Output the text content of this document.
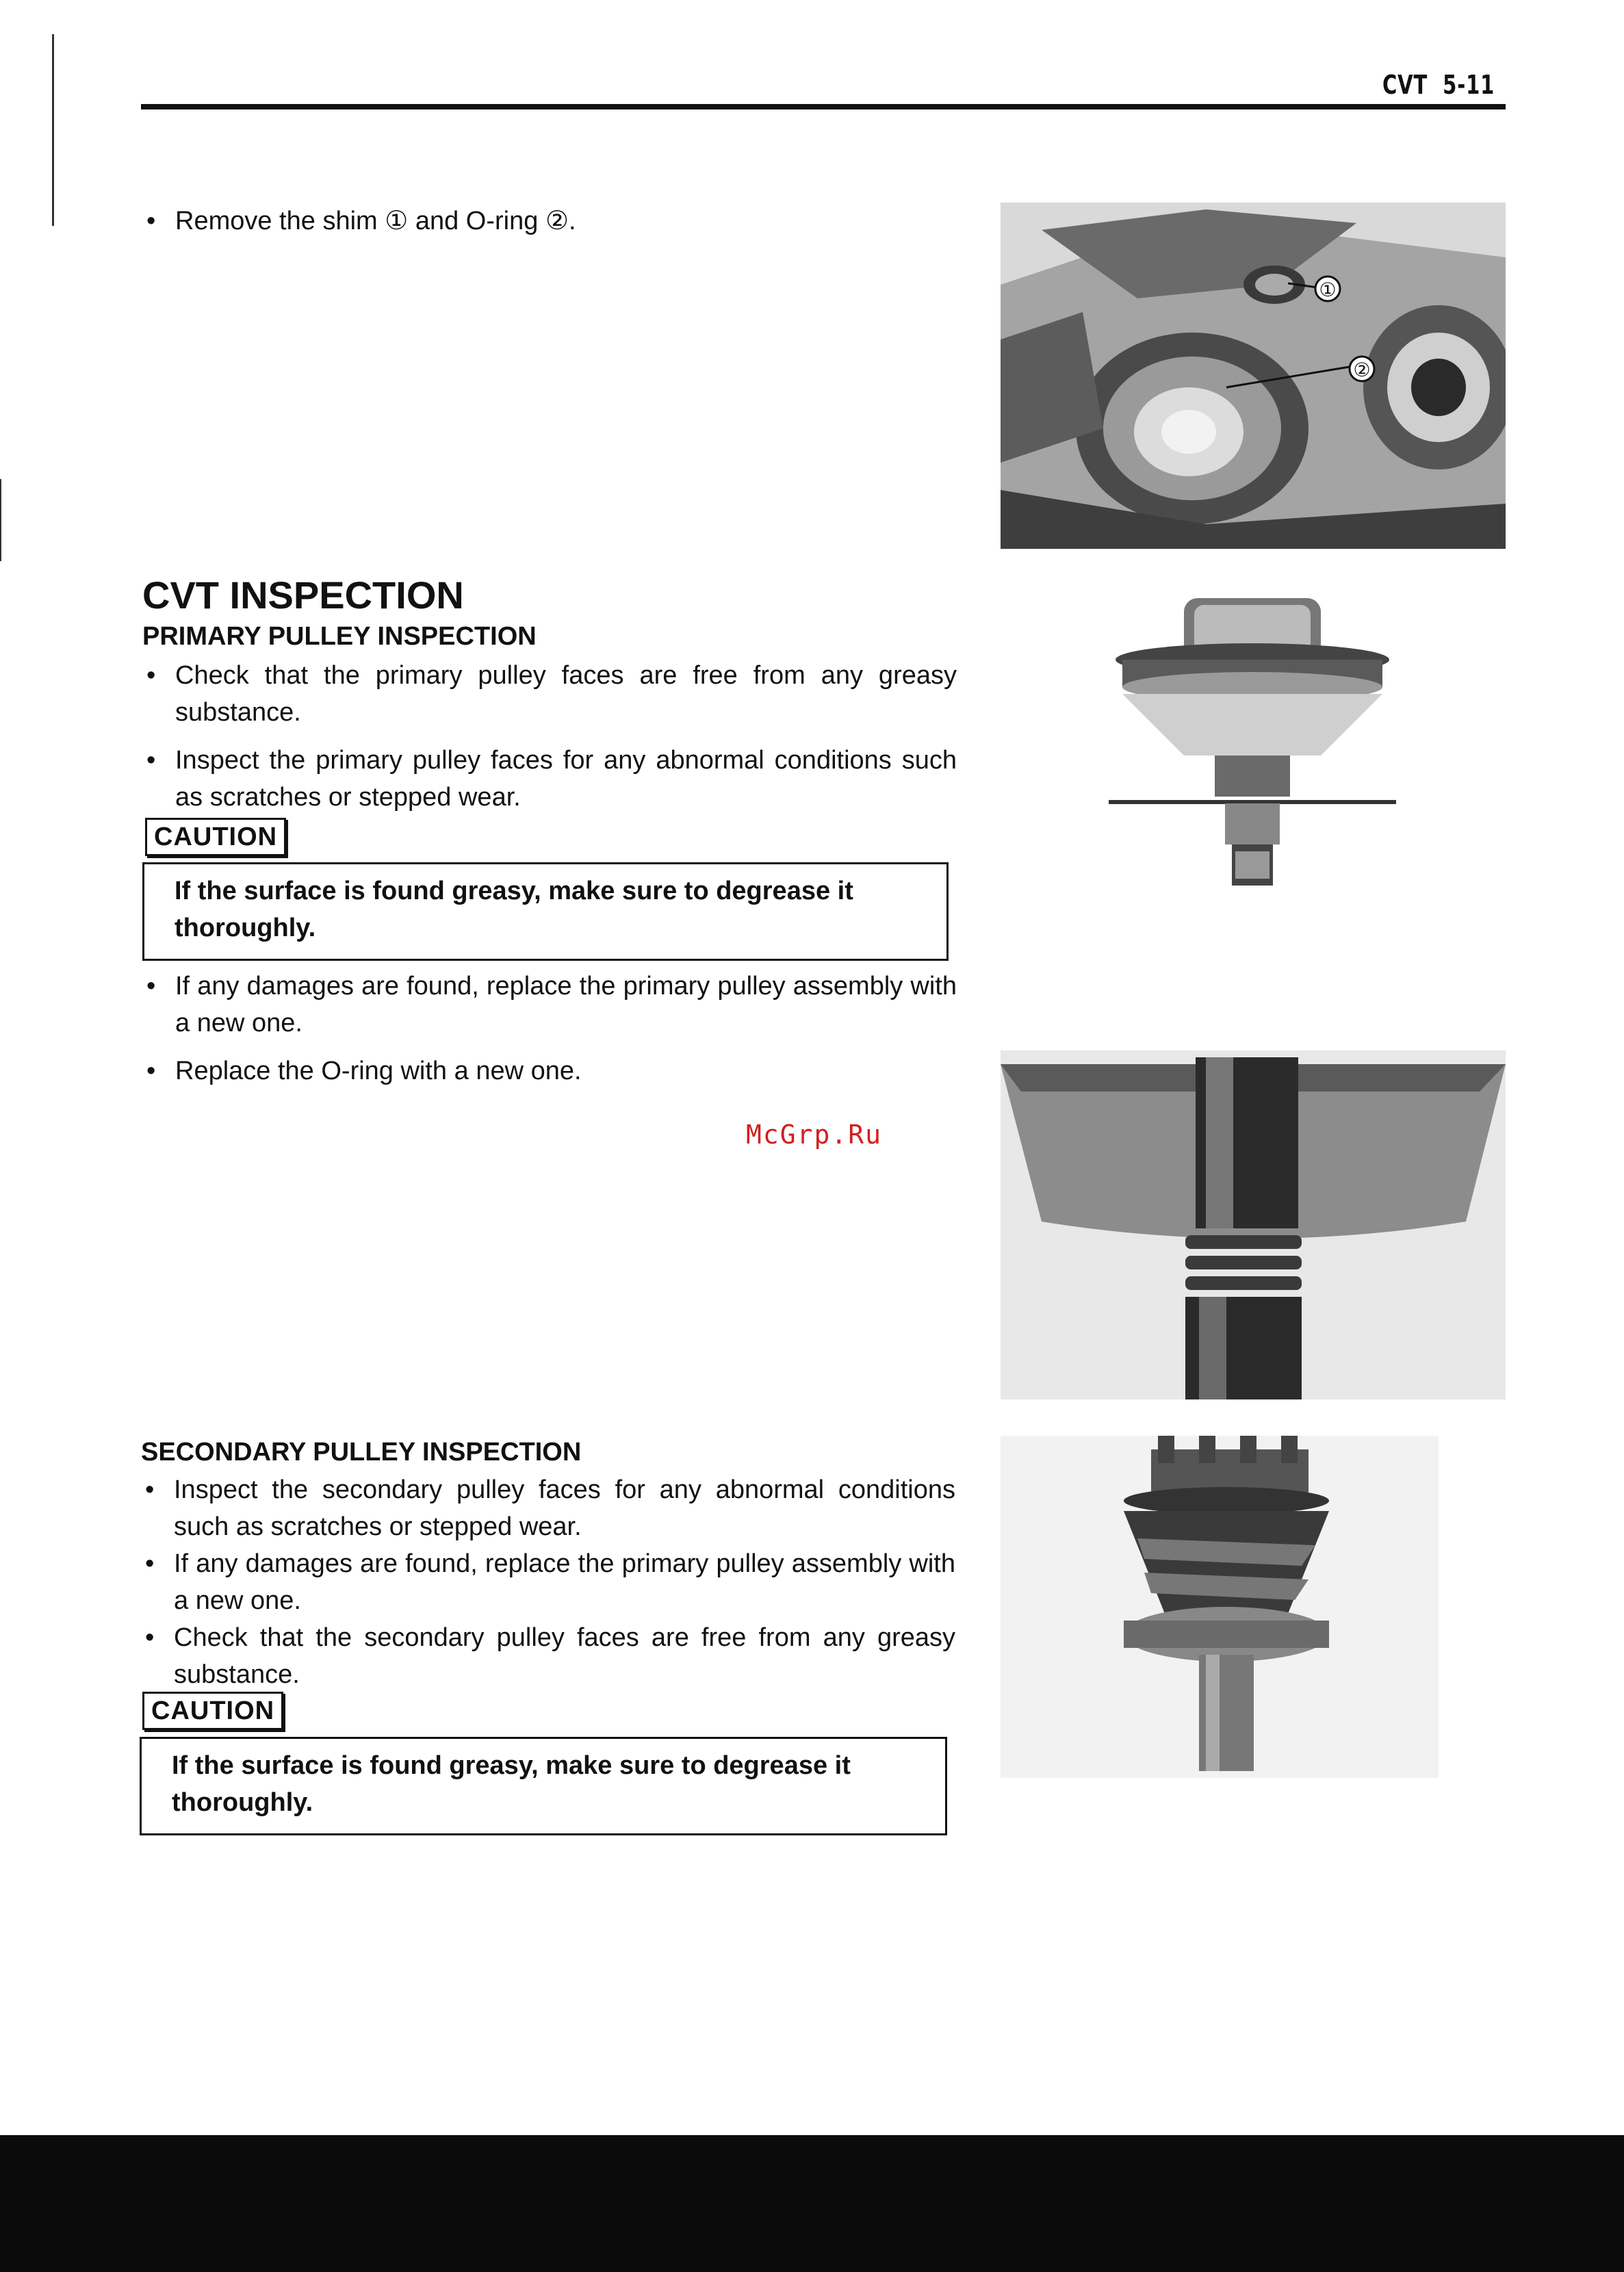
CVT 5-11
• Remove the shim ① and O-ring ②.
①
②
CVT INSPECTION
PRIMARY PULLEY INSPECTION
• Check that the primary pulley faces are free from any greasy substance.
• Inspect the primary pulley faces for any abnormal conditions such as scratches or stepped wear.
CAUTION
If the surface is found greasy, make sure to degrease it thoroughly.
• If any damages are found, replace the primary pulley assembly with a new one.
• Replace the O-ring with a new one.
McGrp.Ru
SECONDARY PULLEY INSPECTION
• Inspect the secondary pulley faces for any abnormal conditions such as scratches or stepped wear.
• If any damages are found, replace the primary pulley assembly with a new one.
• Check that the secondary pulley faces are free from any greasy substance.
CAUTION
If the surface is found greasy, make sure to degrease it thoroughly.
